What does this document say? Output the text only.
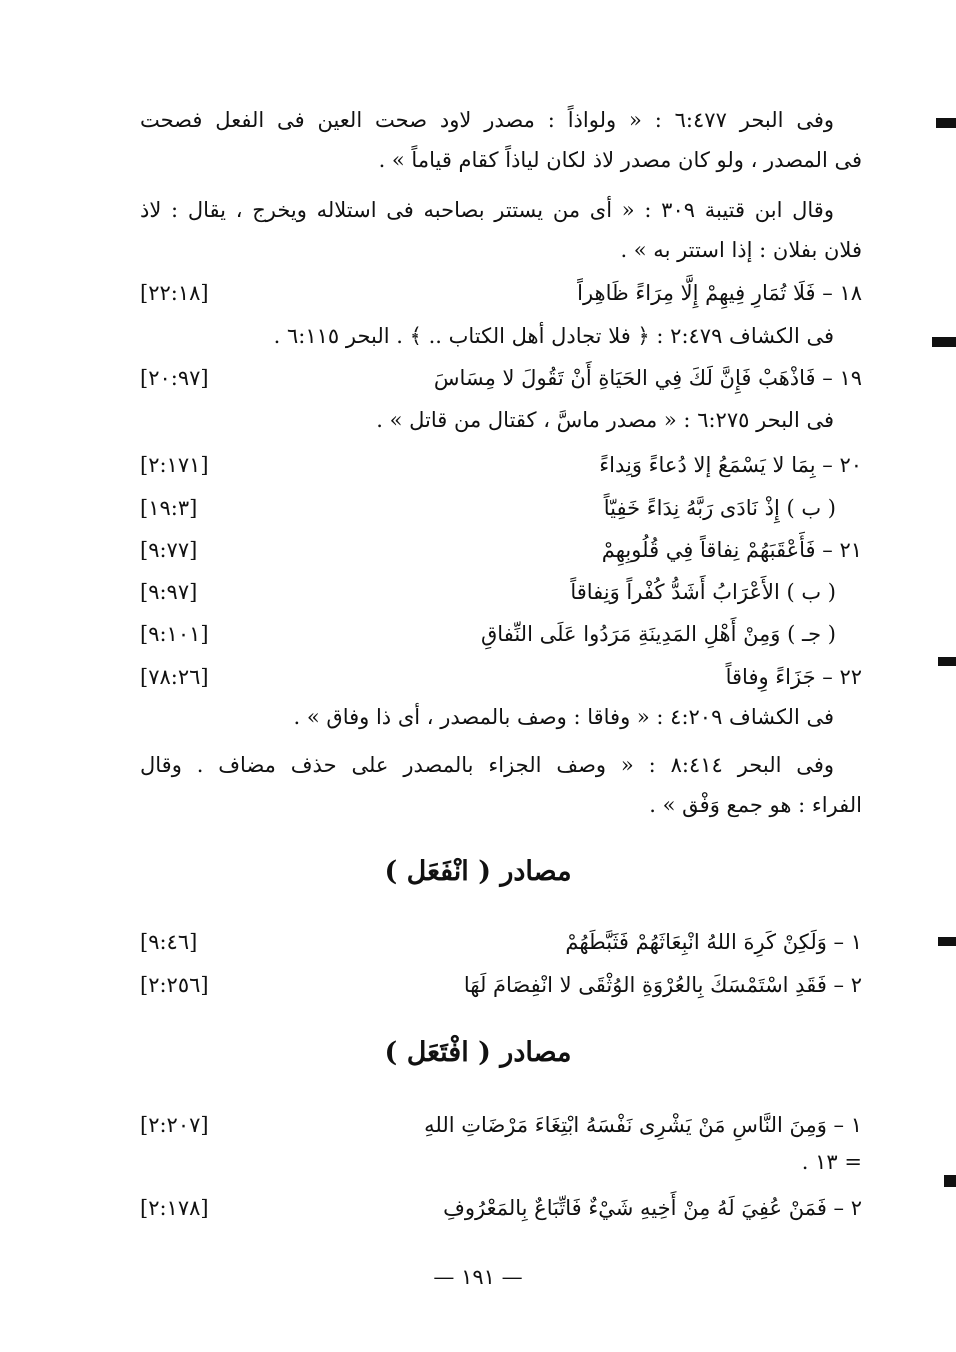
وفى البحر ٦:٤٧٧ : « ولواذاً : مصدر لاود صحت العين فى الفعل فصحت
فى المصدر ، ولو كان مصدر لاذ لكان لياذاً كقام قياماً » .
وقال ابن قتيبة ٣٠٩ : « أى من يستتر بصاحبه فى استلاله ويخرج ، يقال : لاذ
فلان بفلان : إذا استتر به » .
١٨ – فَلَا تُمَارِ فِيهِمْ إِلَّا مِرَاءً ظَاهِراً
[٢٢:١٨]
فى الكشاف ٢:٤٧٩ : ﴿ فلا تجادل أهل الكتاب .. ﴾ . البحر ٦:١١٥ .
١٩ – فَاذْهَبْ فَإِنَّ لَكَ فِي الحَيَاةِ أَنْ تَقُولَ لا مِسَاسَ
[٢٠:٩٧]
فى البحر ٦:٢٧٥ : « مصدر ماسَّ ، كقتال من قاتل » .
٢٠ – بِمَا لا يَسْمَعُ إلا دُعاءً وَنِداءً
[٢:١٧١]
( ب ) إِذْ نَادَى رَبَّهُ نِدَاءً خَفِيّاً
[١٩:٣]
٢١ – فَأَعْقَبَهُمْ نِفاقاً فِي قُلُوبِهِمْ
[٩:٧٧]
( ب ) الأَعْرَابُ أَشَدُّ كُفْراً وَنِفاقاً
[٩:٩٧]
( جـ ) وَمِنْ أَهْلِ المَدِينَةِ مَرَدُوا عَلَى النِّفاقِ
[٩:١٠١]
٢٢ – جَزَاءً وِفاقاً
[٧٨:٢٦]
فى الكشاف ٤:٢٠٩ : « وفاقا : وصف بالمصدر ، أى ذا وفاق » .
وفى البحر ٨:٤١٤ : « وصف الجزاء بالمصدر على حذف مضاف . وقال
الفراء : هو جمع وَفْق » .
مصادر ( انْفَعَل )
١ – وَلَكِنْ كَرِهَ اللهُ انْبِعَاثَهُمْ فَثَبَّطَهُمْ
[٩:٤٦]
٢ – فَقَدِ اسْتَمْسَكَ بِالعُرْوَةِ الوُثْقَى لا انْفِصَامَ لَهَا
[٢:٢٥٦]
مصادر ( افْتَعَل )
١ – وَمِنَ النَّاسِ مَنْ يَشْرِى نَفْسَهُ ابْتِغَاءَ مَرْضَاتِ اللهِ
[٢:٢٠٧]
= ١٣ .
٢ – فَمَنْ عُفِيَ لَهُ مِنْ أَخِيهِ شَيْءٌ فَاتِّبَاعٌ بِالمَعْرُوفِ
[٢:١٧٨]
— ١٩١ —
